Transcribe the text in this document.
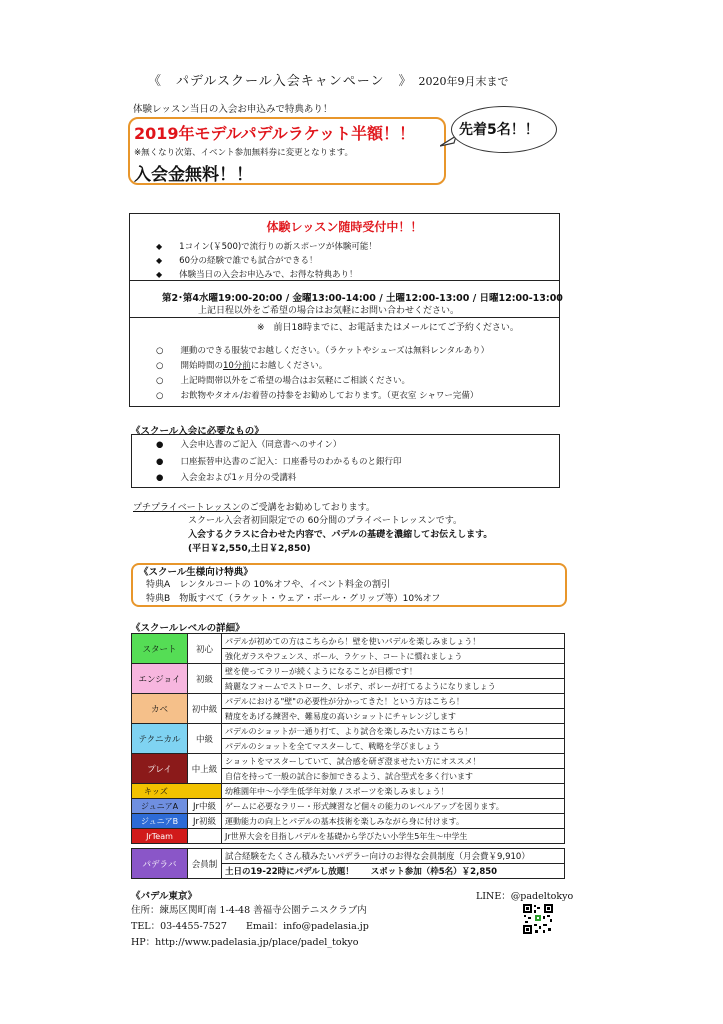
《　パデルスクール入会キャンペーン　》 2020年9月末まで
体験レッスン当日の入会お申込みで特典あり！
2019年モデルパデルラケット半額！！
※無くなり次第、イベント参加無料券に変更となります。
入会金無料！！
先着5名！！
体験レッスン随時受付中！！
◆　　 1コイン(￥500)で流行りの新スポーツが体験可能！
◆　　 60分の経験で誰でも試合ができる！
◆　　 体験当日の入会お申込みで、お得な特典あり！
第2･第4水曜19:00-20:00 / 金曜13:00-14:00 / 土曜12:00-13:00 / 日曜12:00-13:00
上記日程以外をご希望の場合はお気軽にお問い合わせください。
※　前日18時までに、お電話またはメールにてご予約ください。
○　　 運動のできる服装でお越しください。（ラケットやシューズは無料レンタルあり）
○　　 開始時間の10分前にお越しください。
○　　 上記時間帯以外をご希望の場合はお気軽にご相談ください。
○　　 お飲物やタオル/お着替の持参をお勧めしております。（更衣室 シャワー完備）
《スクール入会に必要なもの》
●　　 入会申込書のご記入（同意書へのサイン）
●　　 口座振替申込書のご記入：口座番号のわかるものと銀行印
●　　 入会金および1ヶ月分の受講料
プチプライベートレッスンのご受講をお勧めしております。
スクール入会者初回限定での 60分間のプライベートレッスンです。
入会するクラスに合わせた内容で、パデルの基礎を濃縮してお伝えします。
(平日￥2,550,土日￥2,850)
《スクール生様向け特典》
特典A　 レンタルコートの 10%オフや、イベント料金の割引
特典B　 物販すべて（ラケット・ウェア・ボール・グリップ等）10%オフ
《スクールレベルの詳細》
スタート	初心	パデルが初めての方はこちらから！壁を使いパデルを楽しみましょう！
		強化ガラスやフェンス、ボール、ラケット、コートに慣れましょう
エンジョイ	初級	壁を使ってラリーが続くようになることが目標です！
		綺麗なフォームでストローク、レボテ、ボレーが打てるようになりましょう
カベ	初中級	パデルにおける"壁"の必要性が分かってきた！という方はこちら！
		精度をあげる練習や、難易度の高いショットにチャレンジします
テクニカル	中級	パデルのショットが一通り打て、より試合を楽しみたい方はこちら！
		パデルのショットを全てマスターして、戦略を学びましょう
プレイ	中上級	ショットをマスターしていて、試合感を研ぎ澄ませたい方にオススメ！
		自信を持って一般の試合に参加できるよう、試合型式を多く行います
キッズ		幼稚園年中～小学生低学年対象 / スポーツを楽しみましょう！
ジュニアA	Jr中級	ゲームに必要なラリー・形式練習など個々の能力のレベルアップを図ります。
ジュニアB	Jr初級	運動能力の向上とパデルの基本技術を楽しみながら身に付けます。
JrTeam		Jr世界大会を目指しパデルを基礎から学びたい小学生5年生～中学生
パデラバ	会員制	試合経験をたくさん積みたいパデラー向けのお得な会員制度（月会費￥9,910）
土日の19-22時にパデルし放題！　　スポット参加（枠5名）￥2,850
《パデル東京》	LINE：@padeltokyo
住所：練馬区関町南 1-4-48 善福寺公園テニスクラブ内
TEL：03-4455-7527　　Email：info@padelasia.jp
HP：http://www.padelasia.jp/place/padel_tokyo
